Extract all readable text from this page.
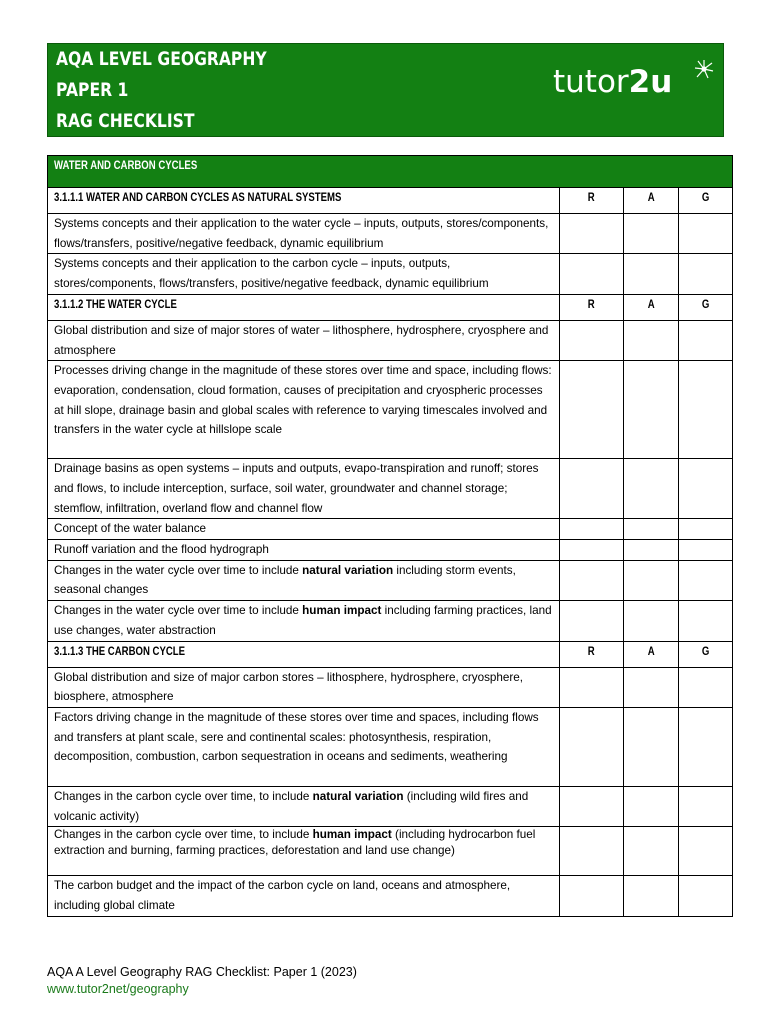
AQA LEVEL GEOGRAPHY
PAPER 1
RAG CHECKLIST
tutor2u
WATER AND CARBON CYCLES			
3.1.1.1 WATER AND CARBON CYCLES AS NATURAL SYSTEMS	R	A	G
Systems concepts and their application to the water cycle – inputs, outputs, stores/components, flows/transfers, positive/negative feedback, dynamic equilibrium			
Systems concepts and their application to the carbon cycle – inputs, outputs, stores/components, flows/transfers, positive/negative feedback, dynamic equilibrium			
3.1.1.2 THE WATER CYCLE	R	A	G
Global distribution and size of major stores of water – lithosphere, hydrosphere, cryosphere and atmosphere			
Processes driving change in the magnitude of these stores over time and space, including flows: evaporation, condensation, cloud formation, causes of precipitation and cryospheric processes at hill slope, drainage basin and global scales with reference to varying timescales involved and transfers in the water cycle at hillslope scale			
Drainage basins as open systems – inputs and outputs, evapo-transpiration and runoff; stores and flows, to include interception, surface, soil water, groundwater and channel storage; stemflow, infiltration, overland flow and channel flow			
Concept of the water balance			
Runoff variation and the flood hydrograph			
Changes in the water cycle over time to include natural variation including storm events, seasonal changes			
Changes in the water cycle over time to include human impact including farming practices, land use changes, water abstraction			
3.1.1.3 THE CARBON CYCLE	R	A	G
Global distribution and size of major carbon stores – lithosphere, hydrosphere, cryosphere, biosphere, atmosphere			
Factors driving change in the magnitude of these stores over time and spaces, including flows and transfers at plant scale, sere and continental scales: photosynthesis, respiration, decomposition, combustion, carbon sequestration in oceans and sediments, weathering			
Changes in the carbon cycle over time, to include natural variation (including wild fires and volcanic activity)			
Changes in the carbon cycle over time, to include human impact (including hydrocarbon fuel extraction and burning, farming practices, deforestation and land use change)			
The carbon budget and the impact of the carbon cycle on land, oceans and atmosphere, including global climate			
AQA A Level Geography RAG Checklist: Paper 1 (2023)
www.tutor2net/geography
